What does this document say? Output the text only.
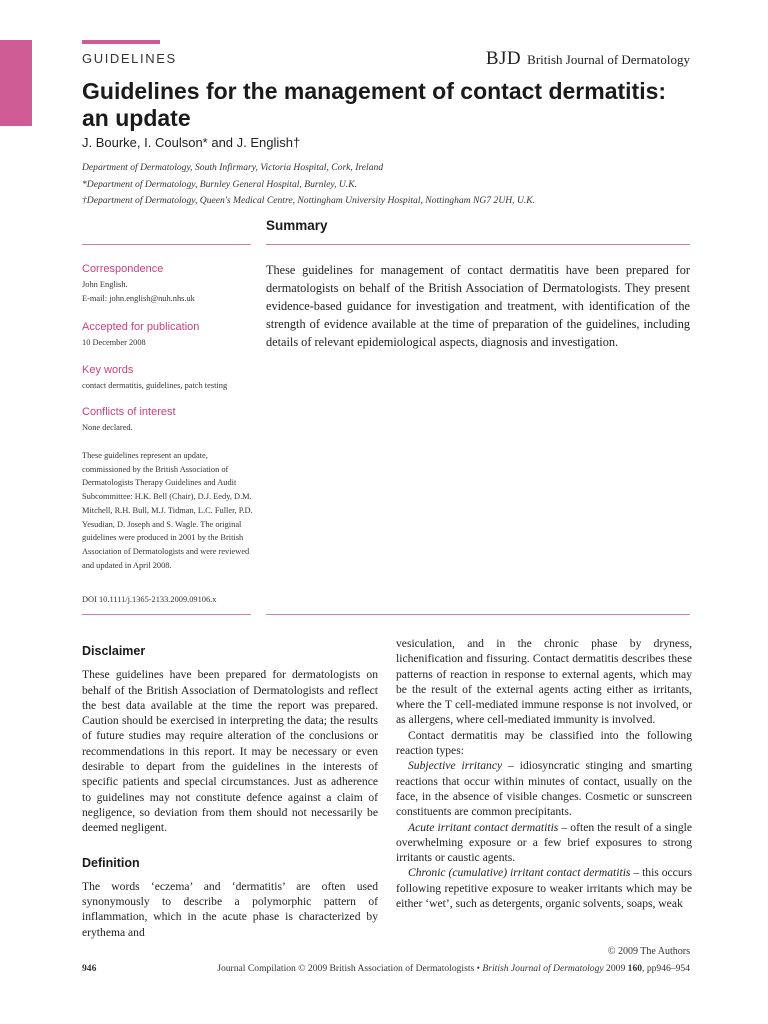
GUIDELINES	BJD British Journal of Dermatology
Guidelines for the management of contact dermatitis: an update
J. Bourke, I. Coulson* and J. English†
Department of Dermatology, South Infirmary, Victoria Hospital, Cork, Ireland
*Department of Dermatology, Burnley General Hospital, Burnley, U.K.
†Department of Dermatology, Queen's Medical Centre, Nottingham University Hospital, Nottingham NG7 2UH, U.K.
Summary
These guidelines for management of contact dermatitis have been prepared for dermatologists on behalf of the British Association of Dermatologists. They present evidence-based guidance for investigation and treatment, with identification of the strength of evidence available at the time of preparation of the guidelines, including details of relevant epidemiological aspects, diagnosis and investigation.
Correspondence
John English.
E-mail: john.english@nuh.nhs.uk
Accepted for publication
10 December 2008
Key words
contact dermatitis, guidelines, patch testing
Conflicts of interest
None declared.
These guidelines represent an update, commissioned by the British Association of Dermatologists Therapy Guidelines and Audit Subcommittee: H.K. Bell (Chair), D.J. Eedy, D.M. Mitchell, R.H. Bull, M.J. Tidman, L.C. Fuller, P.D. Yesudian, D. Joseph and S. Wagle. The original guidelines were produced in 2001 by the British Association of Dermatologists and were reviewed and updated in April 2008.
DOI 10.1111/j.1365-2133.2009.09106.x
Disclaimer

These guidelines have been prepared for dermatologists on behalf of the British Association of Dermatologists and reflect the best data available at the time the report was prepared. Caution should be exercised in interpreting the data; the results of future studies may require alteration of the conclusions or recommendations in this report. It may be necessary or even desirable to depart from the guidelines in the interests of specific patients and special circumstances. Just as adherence to guidelines may not constitute defence against a claim of negligence, so deviation from them should not necessarily be deemed negligent.

Definition

The words ‘eczema’ and ‘dermatitis’ are often used synonymously to describe a polymorphic pattern of inflammation, which in the acute phase is characterized by erythema and

vesiculation, and in the chronic phase by dryness, lichenification and fissuring. Contact dermatitis describes these patterns of reaction in response to external agents, which may be the result of the external agents acting either as irritants, where the T cell-mediated immune response is not involved, or as allergens, where cell-mediated immunity is involved.

Contact dermatitis may be classified into the following reaction types:

Subjective irritancy – idiosyncratic stinging and smarting reactions that occur within minutes of contact, usually on the face, in the absence of visible changes. Cosmetic or sunscreen constituents are common precipitants.

Acute irritant contact dermatitis – often the result of a single overwhelming exposure or a few brief exposures to strong irritants or caustic agents.

Chronic (cumulative) irritant contact dermatitis – this occurs following repetitive exposure to weaker irritants which may be either ‘wet’, such as detergents, organic solvents, soaps, weak

© 2009 The Authors
946	Journal Compilation © 2009 British Association of Dermatologists • British Journal of Dermatology 2009 160, pp946–954
